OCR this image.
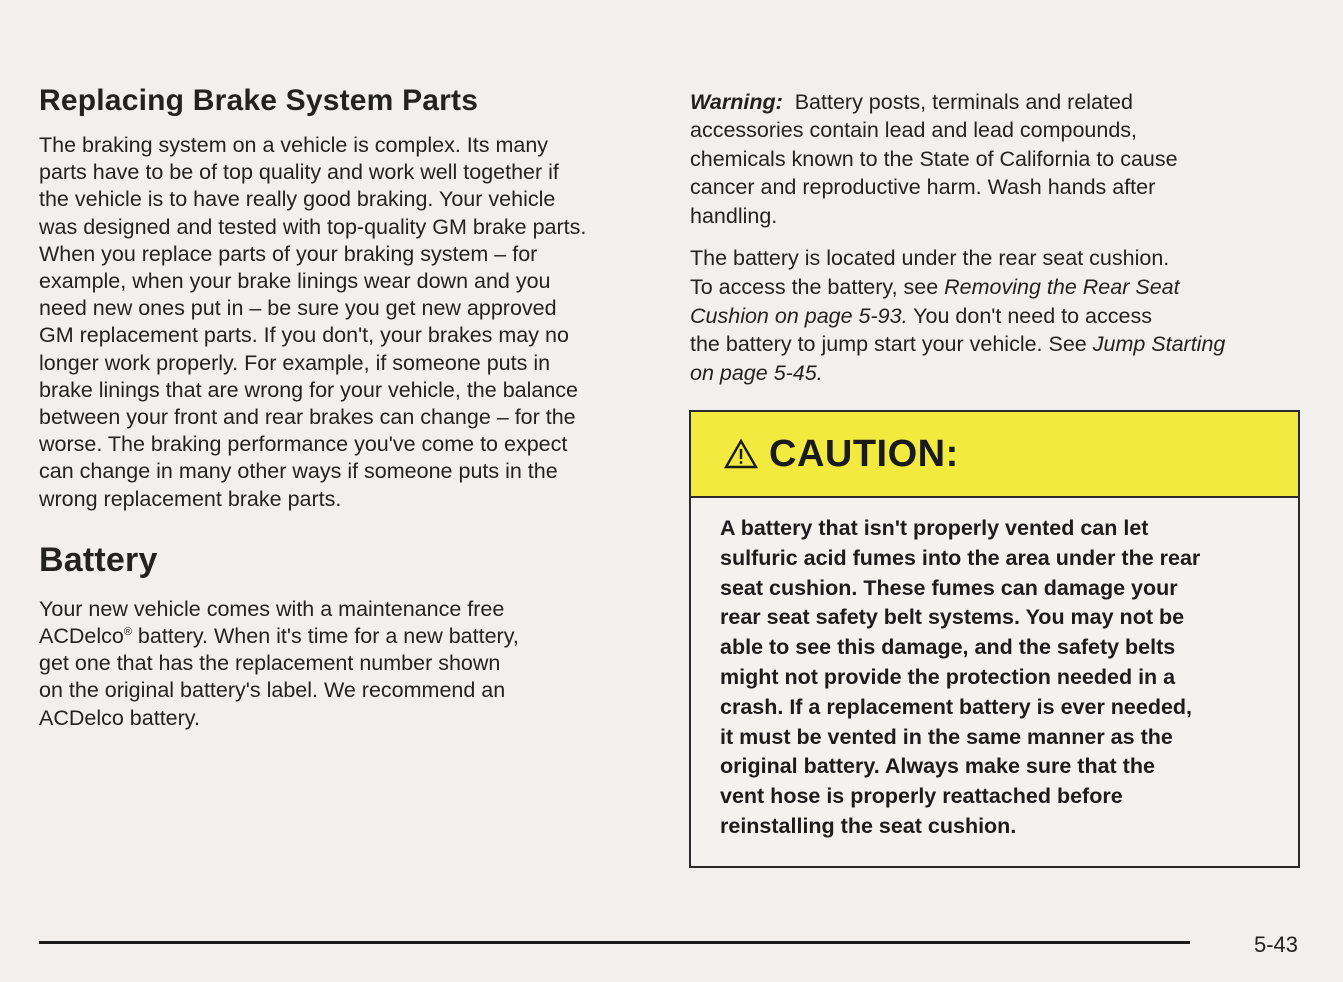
Replacing Brake System Parts

The braking system on a vehicle is complex. Its many
parts have to be of top quality and work well together if
the vehicle is to have really good braking. Your vehicle
was designed and tested with top-quality GM brake parts.
When you replace parts of your braking system – for
example, when your brake linings wear down and you
need new ones put in – be sure you get new approved
GM replacement parts. If you don't, your brakes may no
longer work properly. For example, if someone puts in
brake linings that are wrong for your vehicle, the balance
between your front and rear brakes can change – for the
worse. The braking performance you've come to expect
can change in many other ways if someone puts in the
wrong replacement brake parts.

Battery

Your new vehicle comes with a maintenance free
ACDelco® battery. When it's time for a new battery,
get one that has the replacement number shown
on the original battery's label. We recommend an
ACDelco battery.

Warning:  Battery posts, terminals and related
accessories contain lead and lead compounds,
chemicals known to the State of California to cause
cancer and reproductive harm. Wash hands after
handling.

The battery is located under the rear seat cushion.
To access the battery, see Removing the Rear Seat
Cushion on page 5-93. You don't need to access
the battery to jump start your vehicle. See Jump Starting
on page 5-45.

CAUTION:
A battery that isn't properly vented can let
sulfuric acid fumes into the area under the rear
seat cushion. These fumes can damage your
rear seat safety belt systems. You may not be
able to see this damage, and the safety belts
might not provide the protection needed in a
crash. If a replacement battery is ever needed,
it must be vented in the same manner as the
original battery. Always make sure that the
vent hose is properly reattached before
reinstalling the seat cushion.
5-43
